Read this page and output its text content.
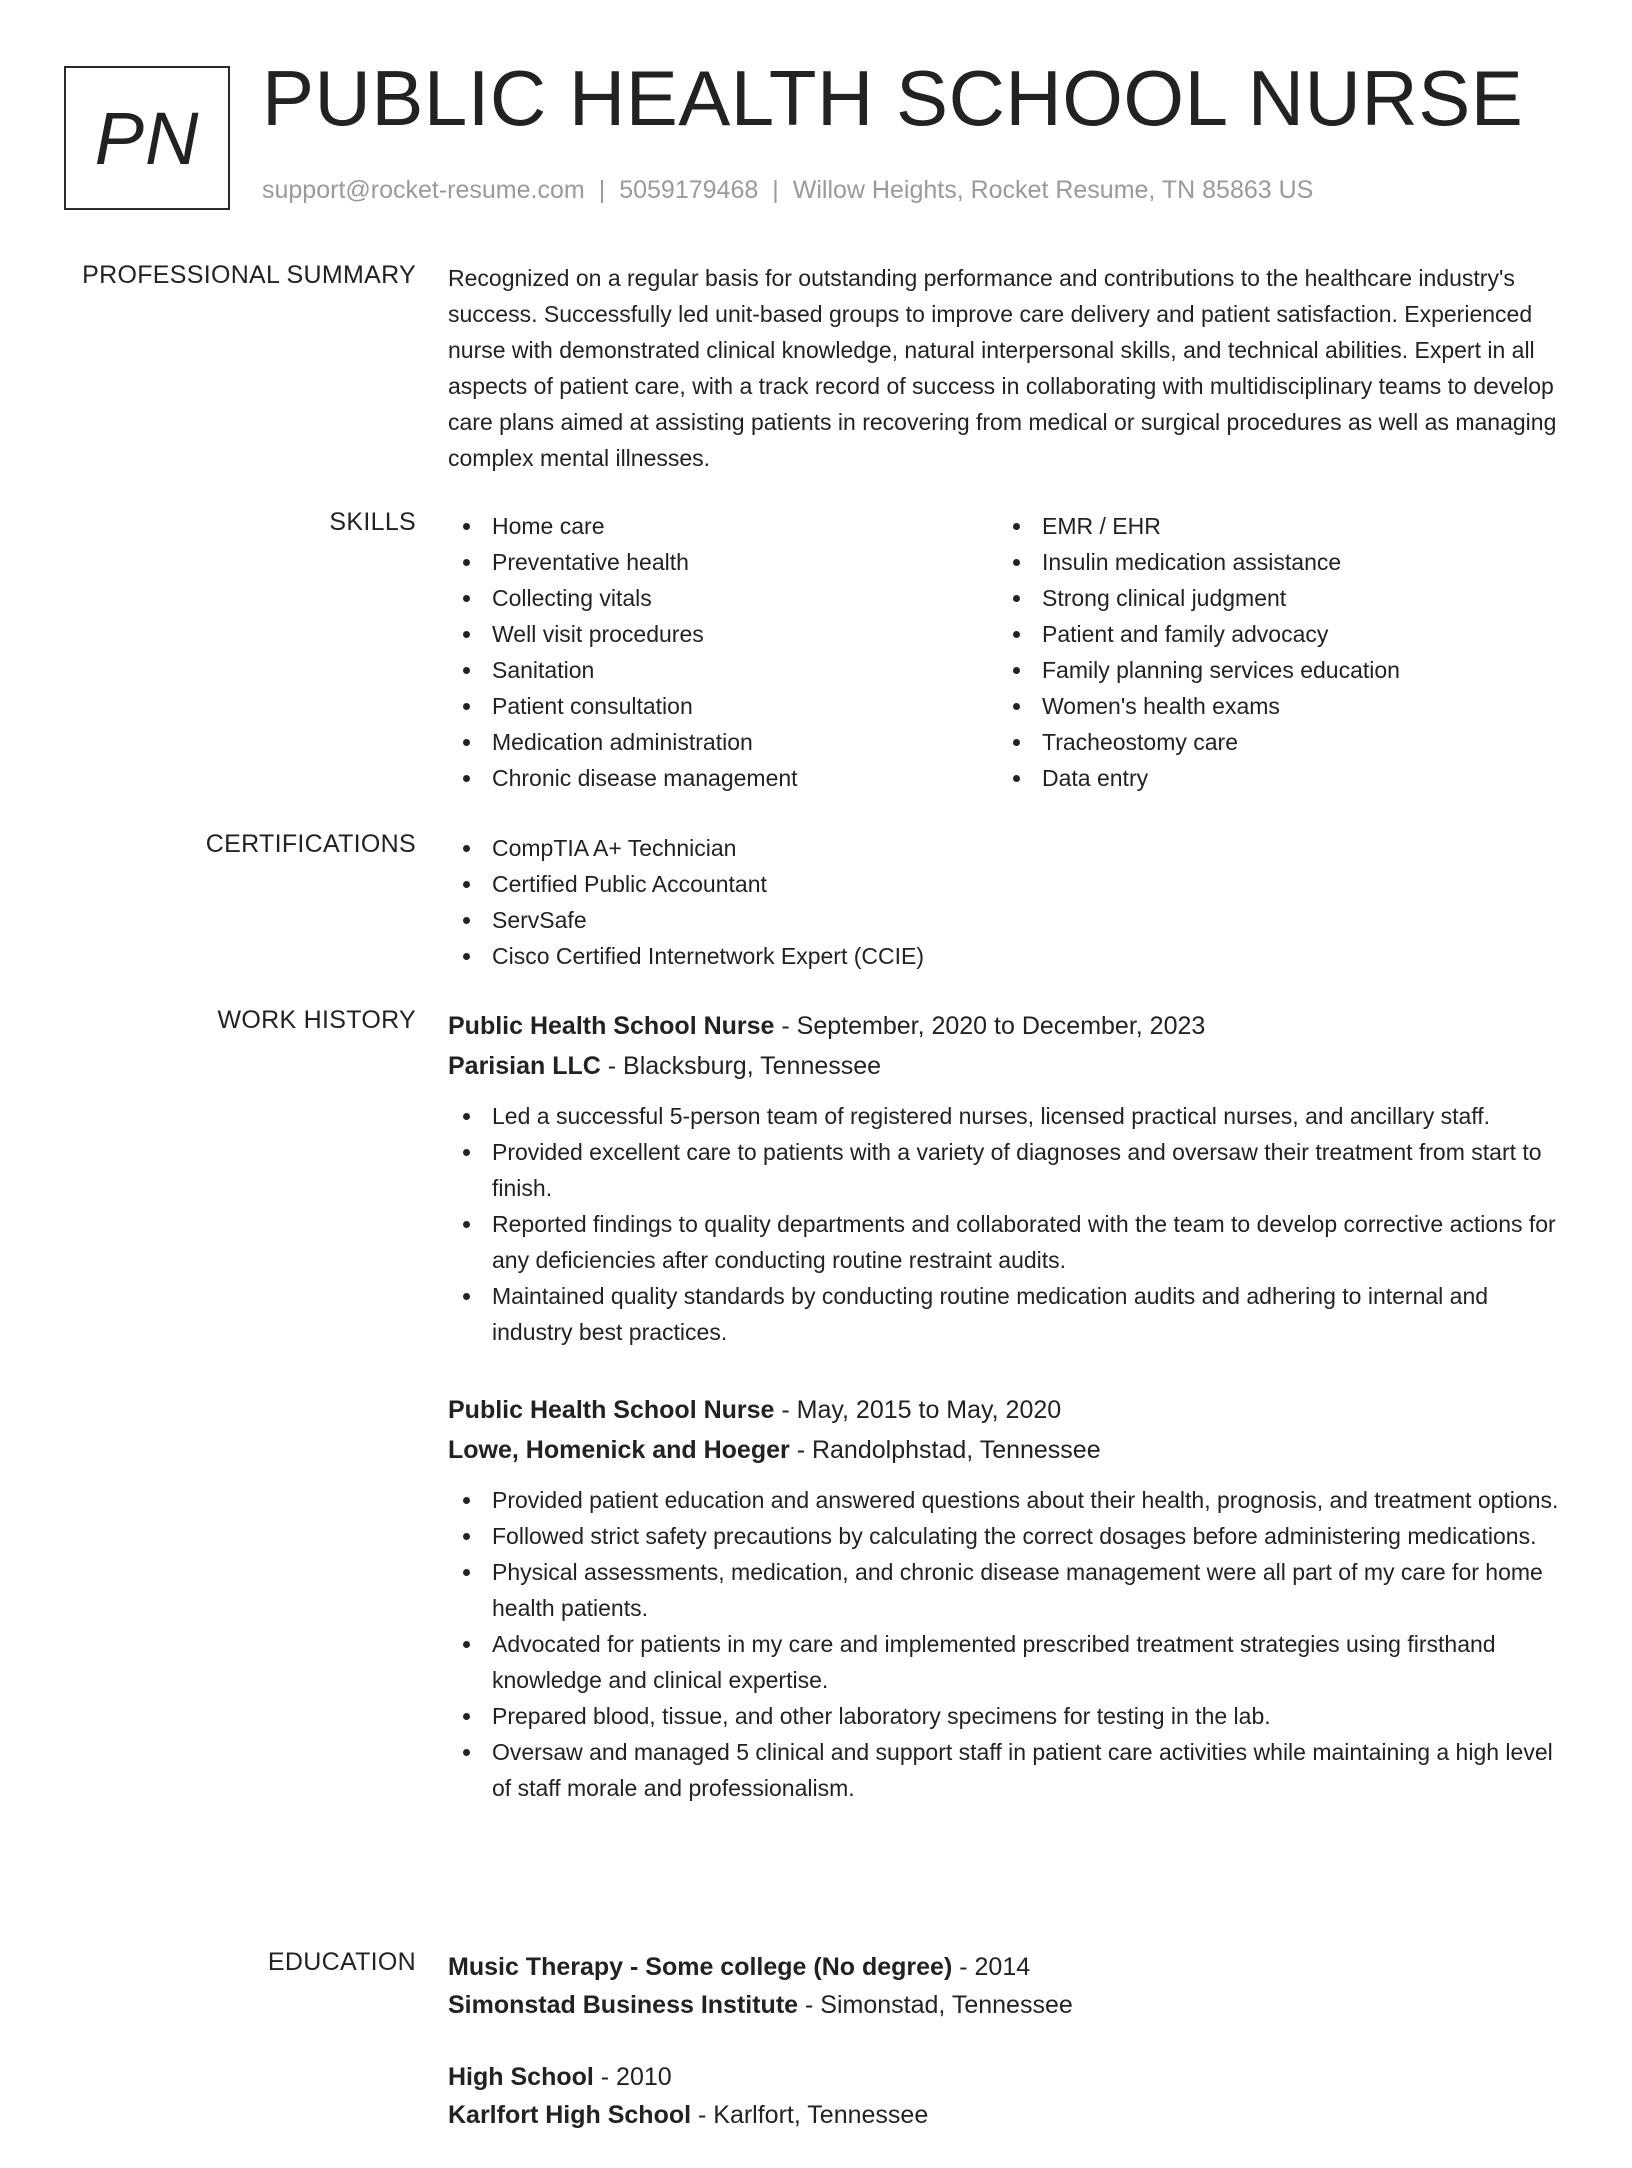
PN PUBLIC HEALTH SCHOOL NURSE
support@rocket-resume.com | 5059179468 | Willow Heights, Rocket Resume, TN 85863 US
PROFESSIONAL SUMMARY Recognized on a regular basis for outstanding performance and contributions to the healthcare industry's success. Successfully led unit-based groups to improve care delivery and patient satisfaction. Experienced nurse with demonstrated clinical knowledge, natural interpersonal skills, and technical abilities. Expert in all aspects of patient care, with a track record of success in collaborating with multidisciplinary teams to develop care plans aimed at assisting patients in recovering from medical or surgical procedures as well as managing complex mental illnesses.
SKILLS	Home care
Preventative health
Collecting vitals
Well visit procedures
Sanitation
Patient consultation
Medication administration
Chronic disease management
EMR / EHR
Insulin medication assistance
Strong clinical judgment
Patient and family advocacy
Family planning services education
Women's health exams
Tracheostomy care
Data entry
CERTIFICATIONS	CompTIA A+ Technician
Certified Public Accountant
ServSafe
Cisco Certified Internetwork Expert (CCIE)
WORK HISTORY Public Health School Nurse - September, 2020 to December, 2023
Parisian LLC - Blacksburg, Tennessee
Led a successful 5-person team of registered nurses, licensed practical nurses, and ancillary staff.
Provided excellent care to patients with a variety of diagnoses and oversaw their treatment from start to finish.
Reported findings to quality departments and collaborated with the team to develop corrective actions for any deficiencies after conducting routine restraint audits.
Maintained quality standards by conducting routine medication audits and adhering to internal and industry best practices.
Public Health School Nurse - May, 2015 to May, 2020
Lowe, Homenick and Hoeger - Randolphstad, Tennessee
Provided patient education and answered questions about their health, prognosis, and treatment options.
Followed strict safety precautions by calculating the correct dosages before administering medications.
Physical assessments, medication, and chronic disease management were all part of my care for home health patients.
Advocated for patients in my care and implemented prescribed treatment strategies using firsthand knowledge and clinical expertise.
Prepared blood, tissue, and other laboratory specimens for testing in the lab.
Oversaw and managed 5 clinical and support staff in patient care activities while maintaining a high level of staff morale and professionalism.
EDUCATION Music Therapy - Some college (No degree) - 2014
Simonstad Business Institute - Simonstad, Tennessee
High School - 2010
Karlfort High School - Karlfort, Tennessee
